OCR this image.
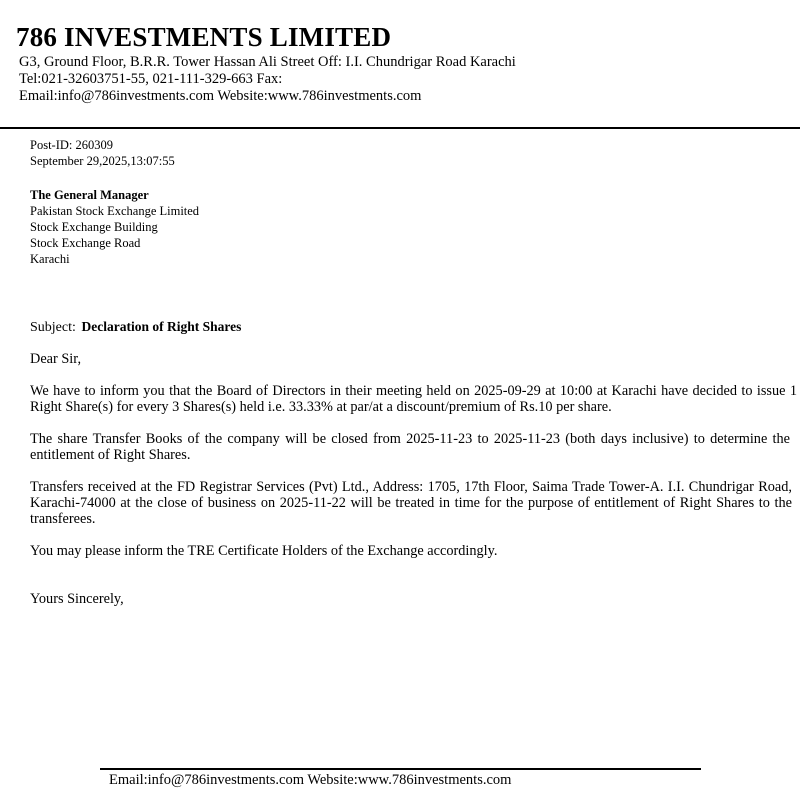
786 INVESTMENTS LIMITED
G3, Ground Floor, B.R.R. Tower Hassan Ali Street Off: I.I. Chundrigar Road Karachi
Tel:021-32603751-55, 021-111-329-663 Fax:
Email:info@786investments.com Website:www.786investments.com
Post-ID: 260309
September 29,2025,13:07:55
The General Manager
Pakistan Stock Exchange Limited
Stock Exchange Building
Stock Exchange Road
Karachi
Subject: Declaration of Right Shares
Dear Sir,
We have to inform you that the Board of Directors in their meeting held on 2025-09-29 at 10:00 at Karachi have decided to issue 1 Right Share(s) for every 3 Shares(s) held i.e. 33.33% at par/at a discount/premium of Rs.10 per share.
The share Transfer Books of the company will be closed from 2025-11-23 to 2025-11-23 (both days inclusive) to determine the entitlement of Right Shares.
Transfers received at the FD Registrar Services (Pvt) Ltd., Address: 1705, 17th Floor, Saima Trade Tower-A. I.I. Chundrigar Road, Karachi-74000 at the close of business on 2025-11-22 will be treated in time for the purpose of entitlement of Right Shares to the transferees.
You may please inform the TRE Certificate Holders of the Exchange accordingly.
Yours Sincerely,
Email:info@786investments.com Website:www.786investments.com
